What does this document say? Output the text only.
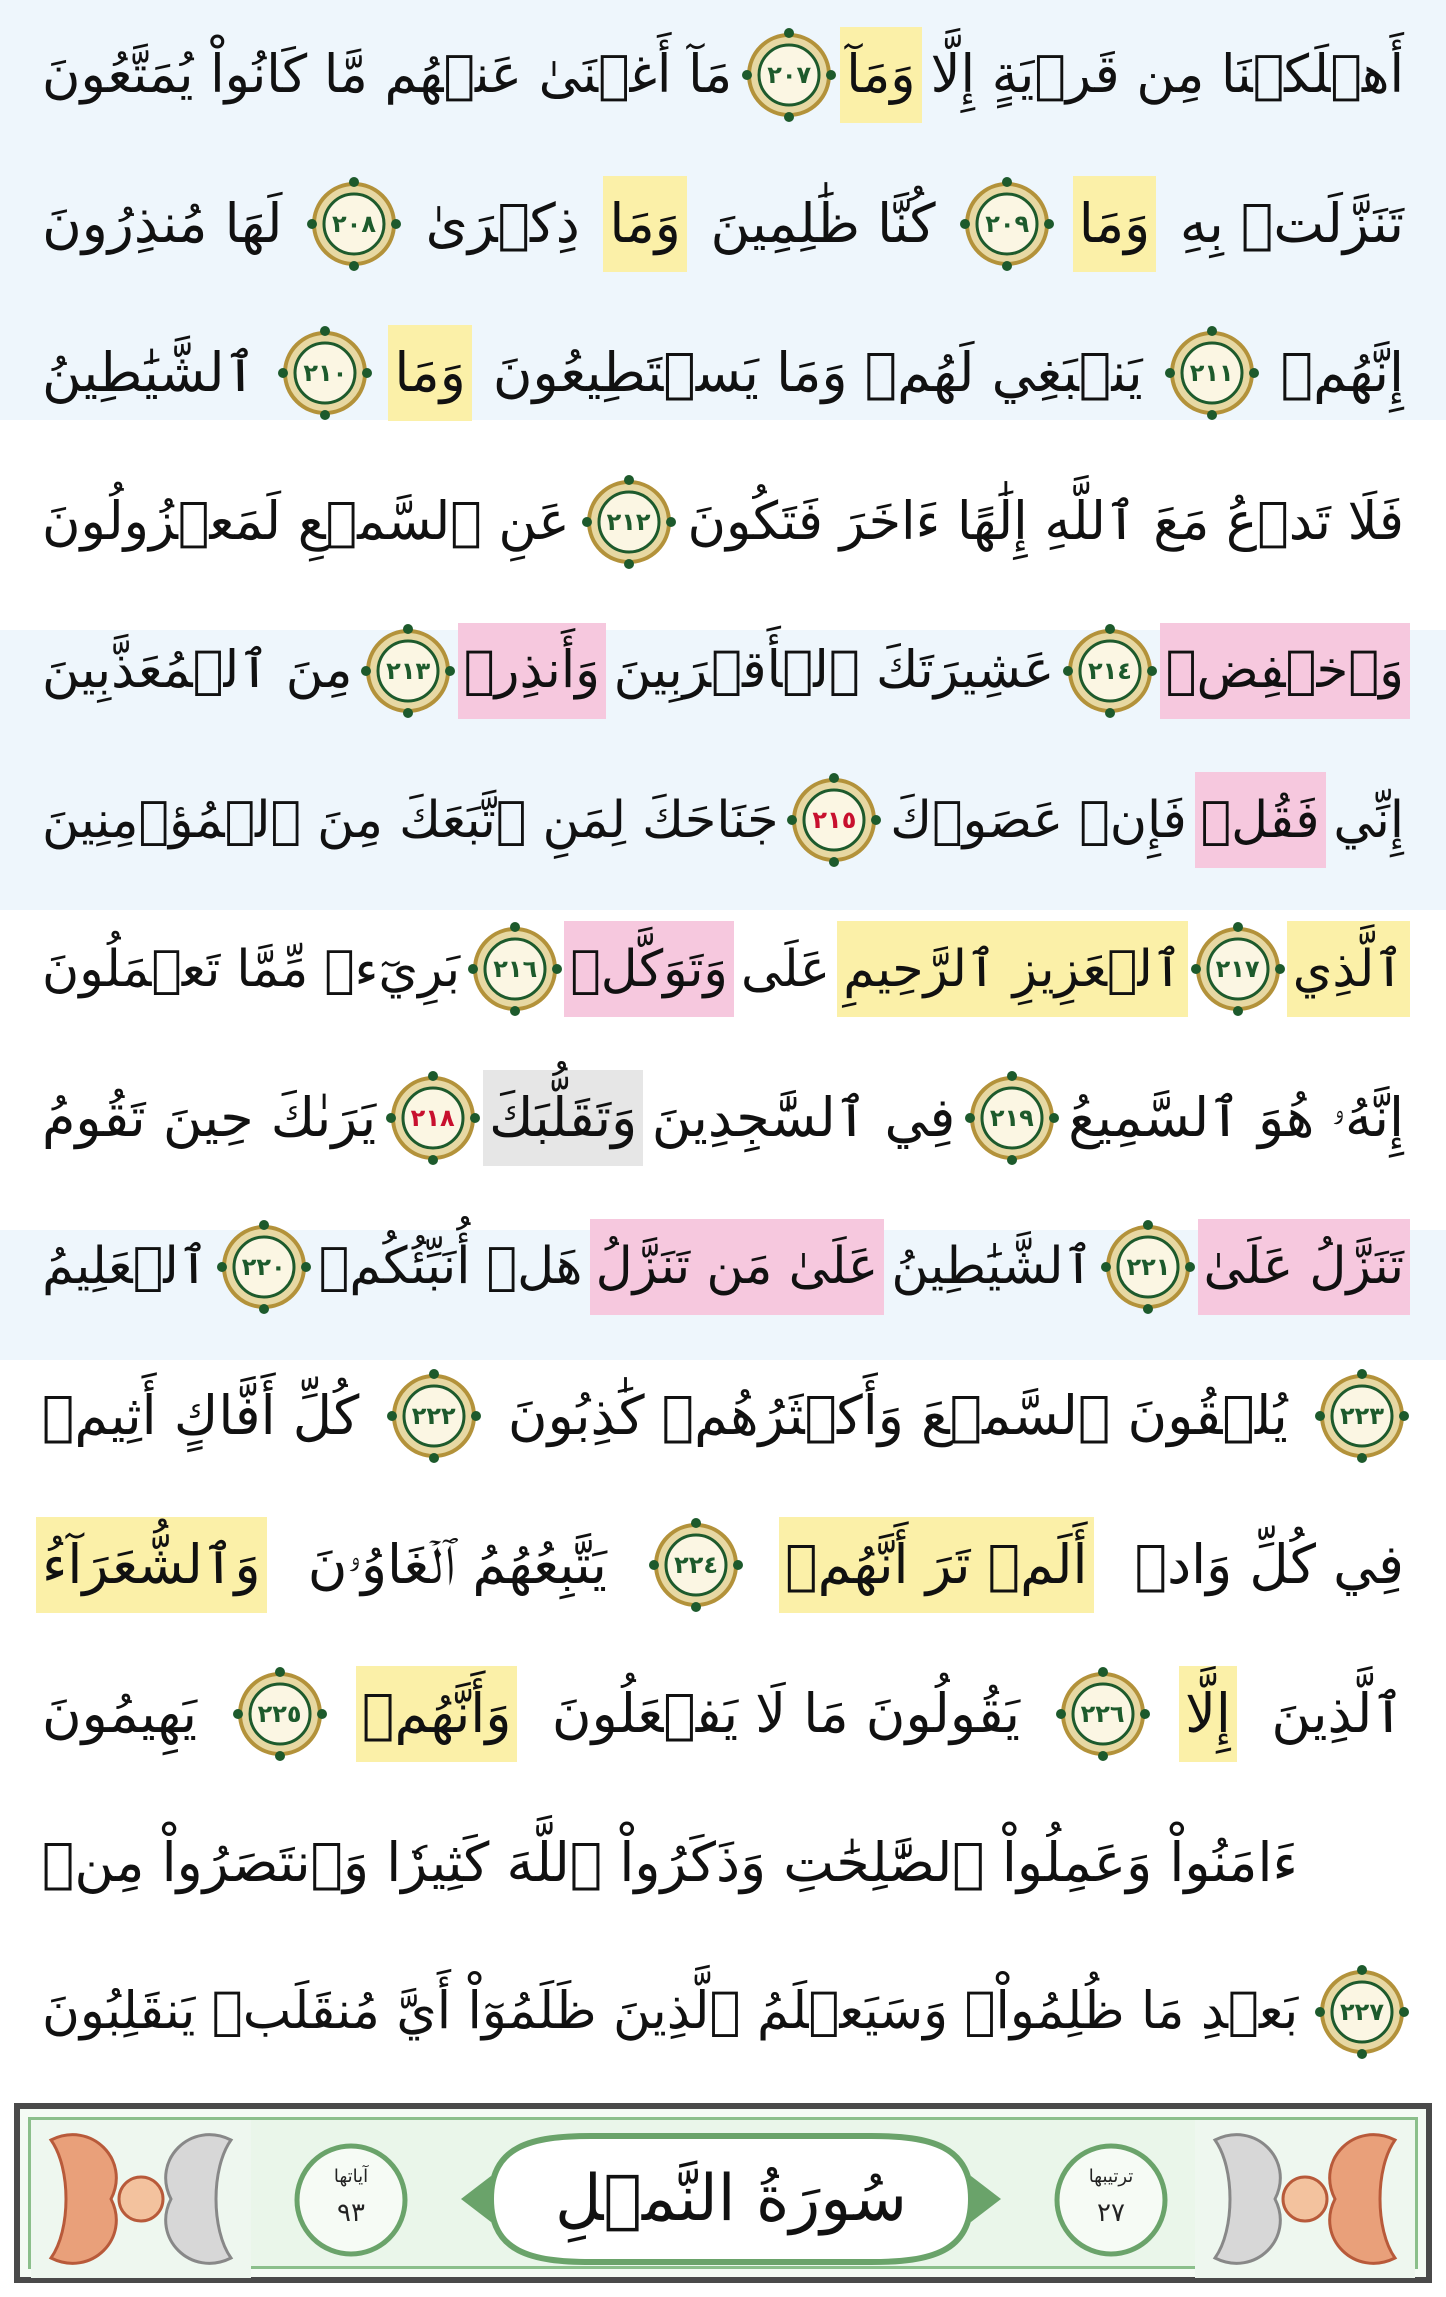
مَآ أَغۡنَىٰ عَنۡهُم مَّا كَانُواْ يُمَتَّعُونَ	٢٠٧ وَمَآ أَهۡلَكۡنَا مِن قَرۡيَةٍ إِلَّا
لَهَا مُنذِرُونَ	٢٠٨ ذِكۡرَىٰ وَمَا كُنَّا ظَٰلِمِينَ	٢٠٩ وَمَا تَنَزَّلَتۡ بِهِ
ٱلشَّيَٰطِينُ	٢١٠ وَمَا يَنۢبَغِي لَهُمۡ وَمَا يَسۡتَطِيعُونَ	٢١١ إِنَّهُمۡ
عَنِ ٱلسَّمۡعِ لَمَعۡزُولُونَ	٢١٢ فَلَا تَدۡعُ مَعَ ٱللَّهِ إِلَٰهًا ءَاخَرَ فَتَكُونَ
مِنَ ٱلۡمُعَذَّبِينَ	٢١٣ وَأَنذِرۡ عَشِيرَتَكَ ٱلۡأَقۡرَبِينَ	٢١٤ وَٱخۡفِضۡ
جَنَاحَكَ لِمَنِ ٱتَّبَعَكَ مِنَ ٱلۡمُؤۡمِنِينَ	٢١٥ فَإِنۡ عَصَوۡكَ فَقُلۡ إِنِّي
بَرِيٓءٞ مِّمَّا تَعۡمَلُونَ	٢١٦ وَتَوَكَّلۡ عَلَى ٱلۡعَزِيزِ ٱلرَّحِيمِ	٢١٧ ٱلَّذِي
يَرَىٰكَ حِينَ تَقُومُ	٢١٨ وَتَقَلُّبَكَ فِي ٱلسَّٰجِدِينَ	٢١٩ إِنَّهُۥ هُوَ ٱلسَّمِيعُ
ٱلۡعَلِيمُ	٢٢٠ هَلۡ أُنَبِّئُكُمۡ عَلَىٰ مَن تَنَزَّلُ ٱلشَّيَٰطِينُ	٢٢١ تَنَزَّلُ عَلَىٰ
كُلِّ أَفَّاكٍ أَثِيمٖ	٢٢٢ يُلۡقُونَ ٱلسَّمۡعَ وَأَكۡثَرُهُمۡ كَٰذِبُونَ	٢٢٣
وَٱلشُّعَرَآءُ يَتَّبِعُهُمُ ٱلۡغَاوُۥنَ	٢٢٤	أَلَمۡ تَرَ أَنَّهُمۡ فِي كُلِّ وَادٖ
يَهِيمُونَ	٢٢٥	وَأَنَّهُمۡ يَقُولُونَ مَا لَا يَفۡعَلُونَ	٢٢٦	إِلَّا ٱلَّذِينَ
ءَامَنُواْ وَعَمِلُواْ ٱلصَّٰلِحَٰتِ وَذَكَرُواْ ٱللَّهَ كَثِيرٗا وَٱنتَصَرُواْ مِنۢ
بَعۡدِ مَا ظُلِمُواْۗ وَسَيَعۡلَمُ ٱلَّذِينَ ظَلَمُوٓاْ أَيَّ مُنقَلَبٖ يَنقَلِبُونَ	٢٢٧
آياتها
٩٣	سُورَةُ النَّمۡلِ	ترتيبها
٢٧
